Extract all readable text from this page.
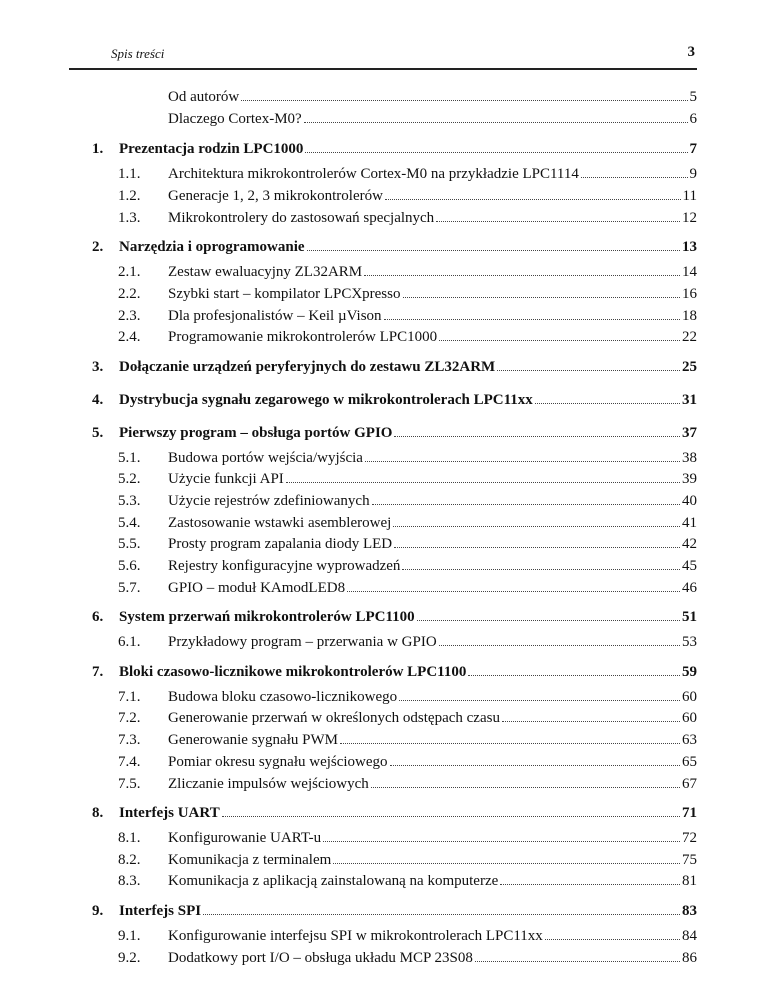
Spis treści	3
Od autorów	5
Dlaczego Cortex-M0?	6
1. Prezentacja rodzin LPC1000	7
1.1. Architektura mikrokontrolerów Cortex-M0 na przykładzie LPC1114	9
1.2. Generacje 1, 2, 3 mikrokontrolerów	11
1.3. Mikrokontrolery do zastosowań specjalnych	12
2. Narzędzia i oprogramowanie	13
2.1. Zestaw ewaluacyjny ZL32ARM	14
2.2. Szybki start – kompilator LPCXpresso	16
2.3. Dla profesjonalistów – Keil µVison	18
2.4. Programowanie mikrokontrolerów LPC1000	22
3. Dołączanie urządzeń peryferyjnych do zestawu ZL32ARM	25
4. Dystrybucja sygnału zegarowego w mikrokontrolerach LPC11xx	31
5. Pierwszy program – obsługa portów GPIO	37
5.1. Budowa portów wejścia/wyjścia	38
5.2. Użycie funkcji API	39
5.3. Użycie rejestrów zdefiniowanych	40
5.4. Zastosowanie wstawki asemblerowej	41
5.5. Prosty program zapalania diody LED	42
5.6. Rejestry konfiguracyjne wyprowadzeń	45
5.7. GPIO – moduł KAmodLED8	46
6. System przerwań mikrokontrolerów LPC1100	51
6.1. Przykładowy program – przerwania w GPIO	53
7. Bloki czasowo-licznikowe mikrokontrolerów LPC1100	59
7.1. Budowa bloku czasowo-licznikowego	60
7.2. Generowanie przerwań w określonych odstępach czasu	60
7.3. Generowanie sygnału PWM	63
7.4. Pomiar okresu sygnału wejściowego	65
7.5. Zliczanie impulsów wejściowych	67
8. Interfejs UART	71
8.1. Konfigurowanie UART-u	72
8.2. Komunikacja z terminalem	75
8.3. Komunikacja z aplikacją zainstalowaną na komputerze	81
9. Interfejs SPI	83
9.1. Konfigurowanie interfejsu SPI w mikrokontrolerach LPC11xx	84
9.2. Dodatkowy port I/O – obsługa układu MCP 23S08	86
